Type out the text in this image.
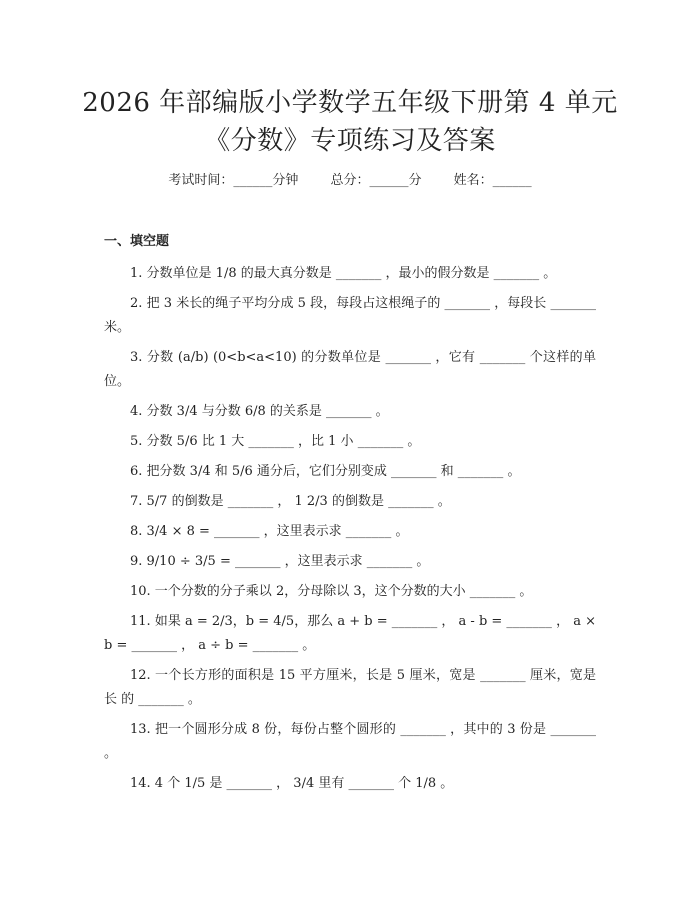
2026 年部编版小学数学五年级下册第 4 单元
《分数》专项练习及答案
考试时间：______分钟 总分：______分 姓名：______
一、填空题

1. 分数单位是 1/8 的最大真分数是 _______ ，最小的假分数是 _______ 。

2. 把 3 米长的绳子平均分成 5 段，每段占这根绳子的 _______ ，每段长 _______ 米。

3. 分数 (a/b) (0<b<a<10) 的分数单位是 _______ ，它有 _______ 个这样的单位。

4. 分数 3/4 与分数 6/8 的关系是 _______ 。

5. 分数 5/6 比 1 大 _______ ，比 1 小 _______ 。

6. 把分数 3/4 和 5/6 通分后，它们分别变成 _______ 和 _______ 。

7. 5/7 的倒数是 _______ ， 1 2/3 的倒数是 _______ 。

8. 3/4 × 8 = _______ ，这里表示求 _______ 。

9. 9/10 ÷ 3/5 = _______ ，这里表示求 _______ 。

10. 一个分数的分子乘以 2，分母除以 3，这个分数的大小 _______ 。

11. 如果 a = 2/3，b = 4/5，那么 a + b = _______ ， a - b = _______ ， a × b = _______ ， a ÷ b = _______ 。

12. 一个长方形的面积是 15 平方厘米，长是 5 厘米，宽是 _______ 厘米，宽是长 的 _______ 。

13. 把一个圆形分成 8 份，每份占整个圆形的 _______ ，其中的 3 份是 _______ 。

14. 4 个 1/5 是 _______ ， 3/4 里有 _______ 个 1/8 。
